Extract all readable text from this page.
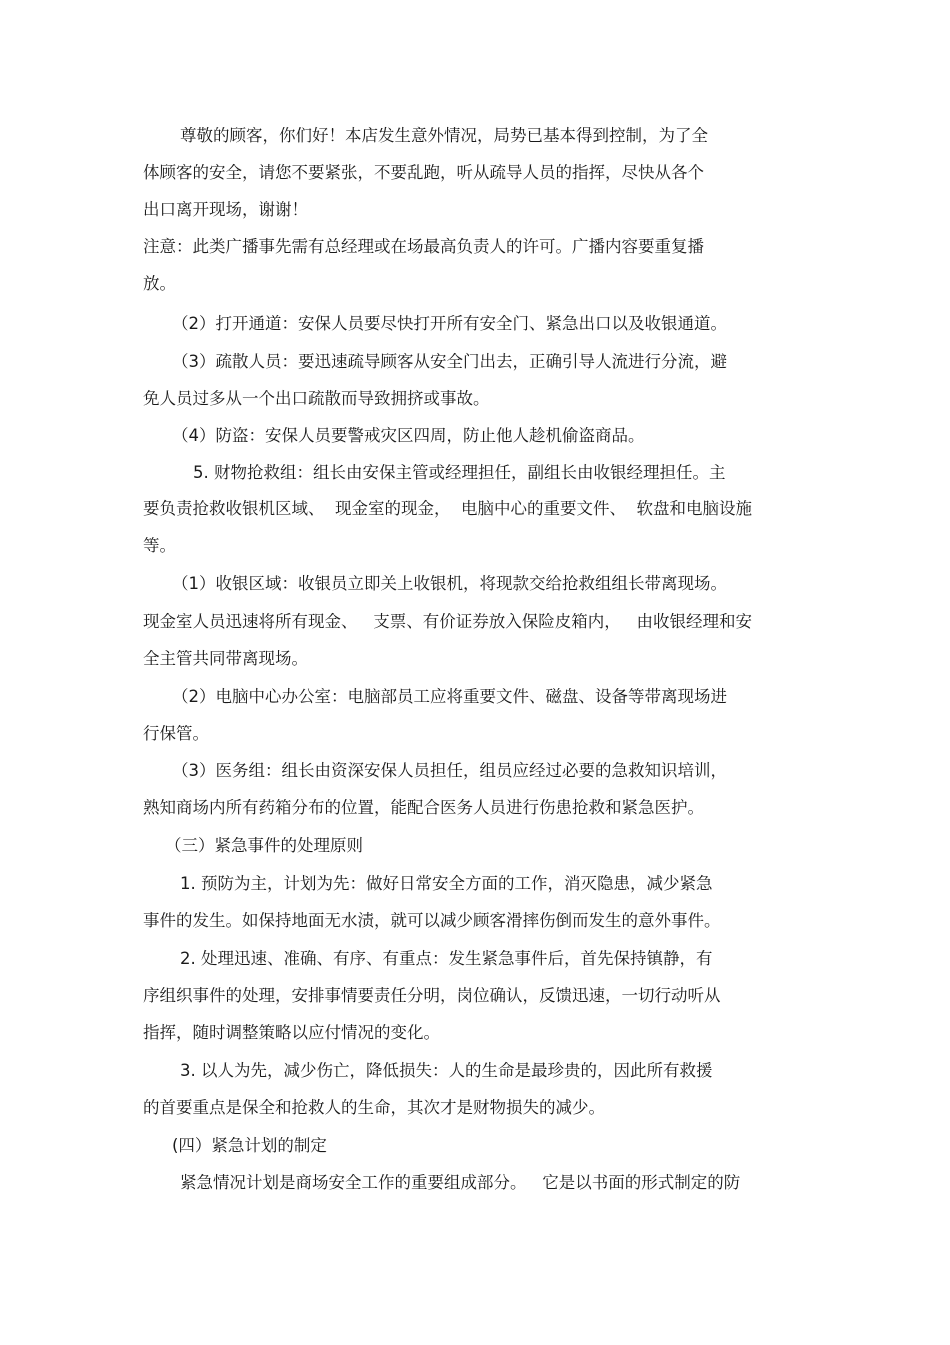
尊敬的顾客，你们好！本店发生意外情况，局势已基本得到控制，为了全
体顾客的安全，请您不要紧张，不要乱跑，听从疏导人员的指挥，尽快从各个
出口离开现场，谢谢！
注意：此类广播事先需有总经理或在场最高负责人的许可。广播内容要重复播
放。
（2）打开通道：安保人员要尽快打开所有安全门、紧急出口以及收银通道。
（3）疏散人员：要迅速疏导顾客从安全门出去，正确引导人流进行分流，避
免人员过多从一个出口疏散而导致拥挤或事故。
（4）防盗：安保人员要警戒灾区四周，防止他人趁机偷盗商品。
5. 财物抢救组：组长由安保主管或经理担任，副组长由收银经理担任。主
要负责抢救收银机区域、  现金室的现金，  电脑中心的重要文件、  软盘和电脑设施
等。
（1）收银区域：收银员立即关上收银机，将现款交给抢救组组长带离现场。
现金室人员迅速将所有现金、   支票、有价证券放入保险皮箱内，   由收银经理和安
全主管共同带离现场。
（2）电脑中心办公室：电脑部员工应将重要文件、磁盘、设备等带离现场进
行保管。
（3）医务组：组长由资深安保人员担任，组员应经过必要的急救知识培训，
熟知商场内所有药箱分布的位置，能配合医务人员进行伤患抢救和紧急医护。
（三）紧急事件的处理原则
1. 预防为主，计划为先：做好日常安全方面的工作，消灭隐患，减少紧急
事件的发生。如保持地面无水渍，就可以减少顾客滑摔伤倒而发生的意外事件。
2. 处理迅速、准确、有序、有重点：发生紧急事件后，首先保持镇静，有
序组织事件的处理，安排事情要责任分明，岗位确认，反馈迅速，一切行动听从
指挥，随时调整策略以应付情况的变化。
3. 以人为先，减少伤亡，降低损失：人的生命是最珍贵的，因此所有救援
的首要重点是保全和抢救人的生命，其次才是财物损失的减少。
(四）紧急计划的制定
紧急情况计划是商场安全工作的重要组成部分。   它是以书面的形式制定的防
